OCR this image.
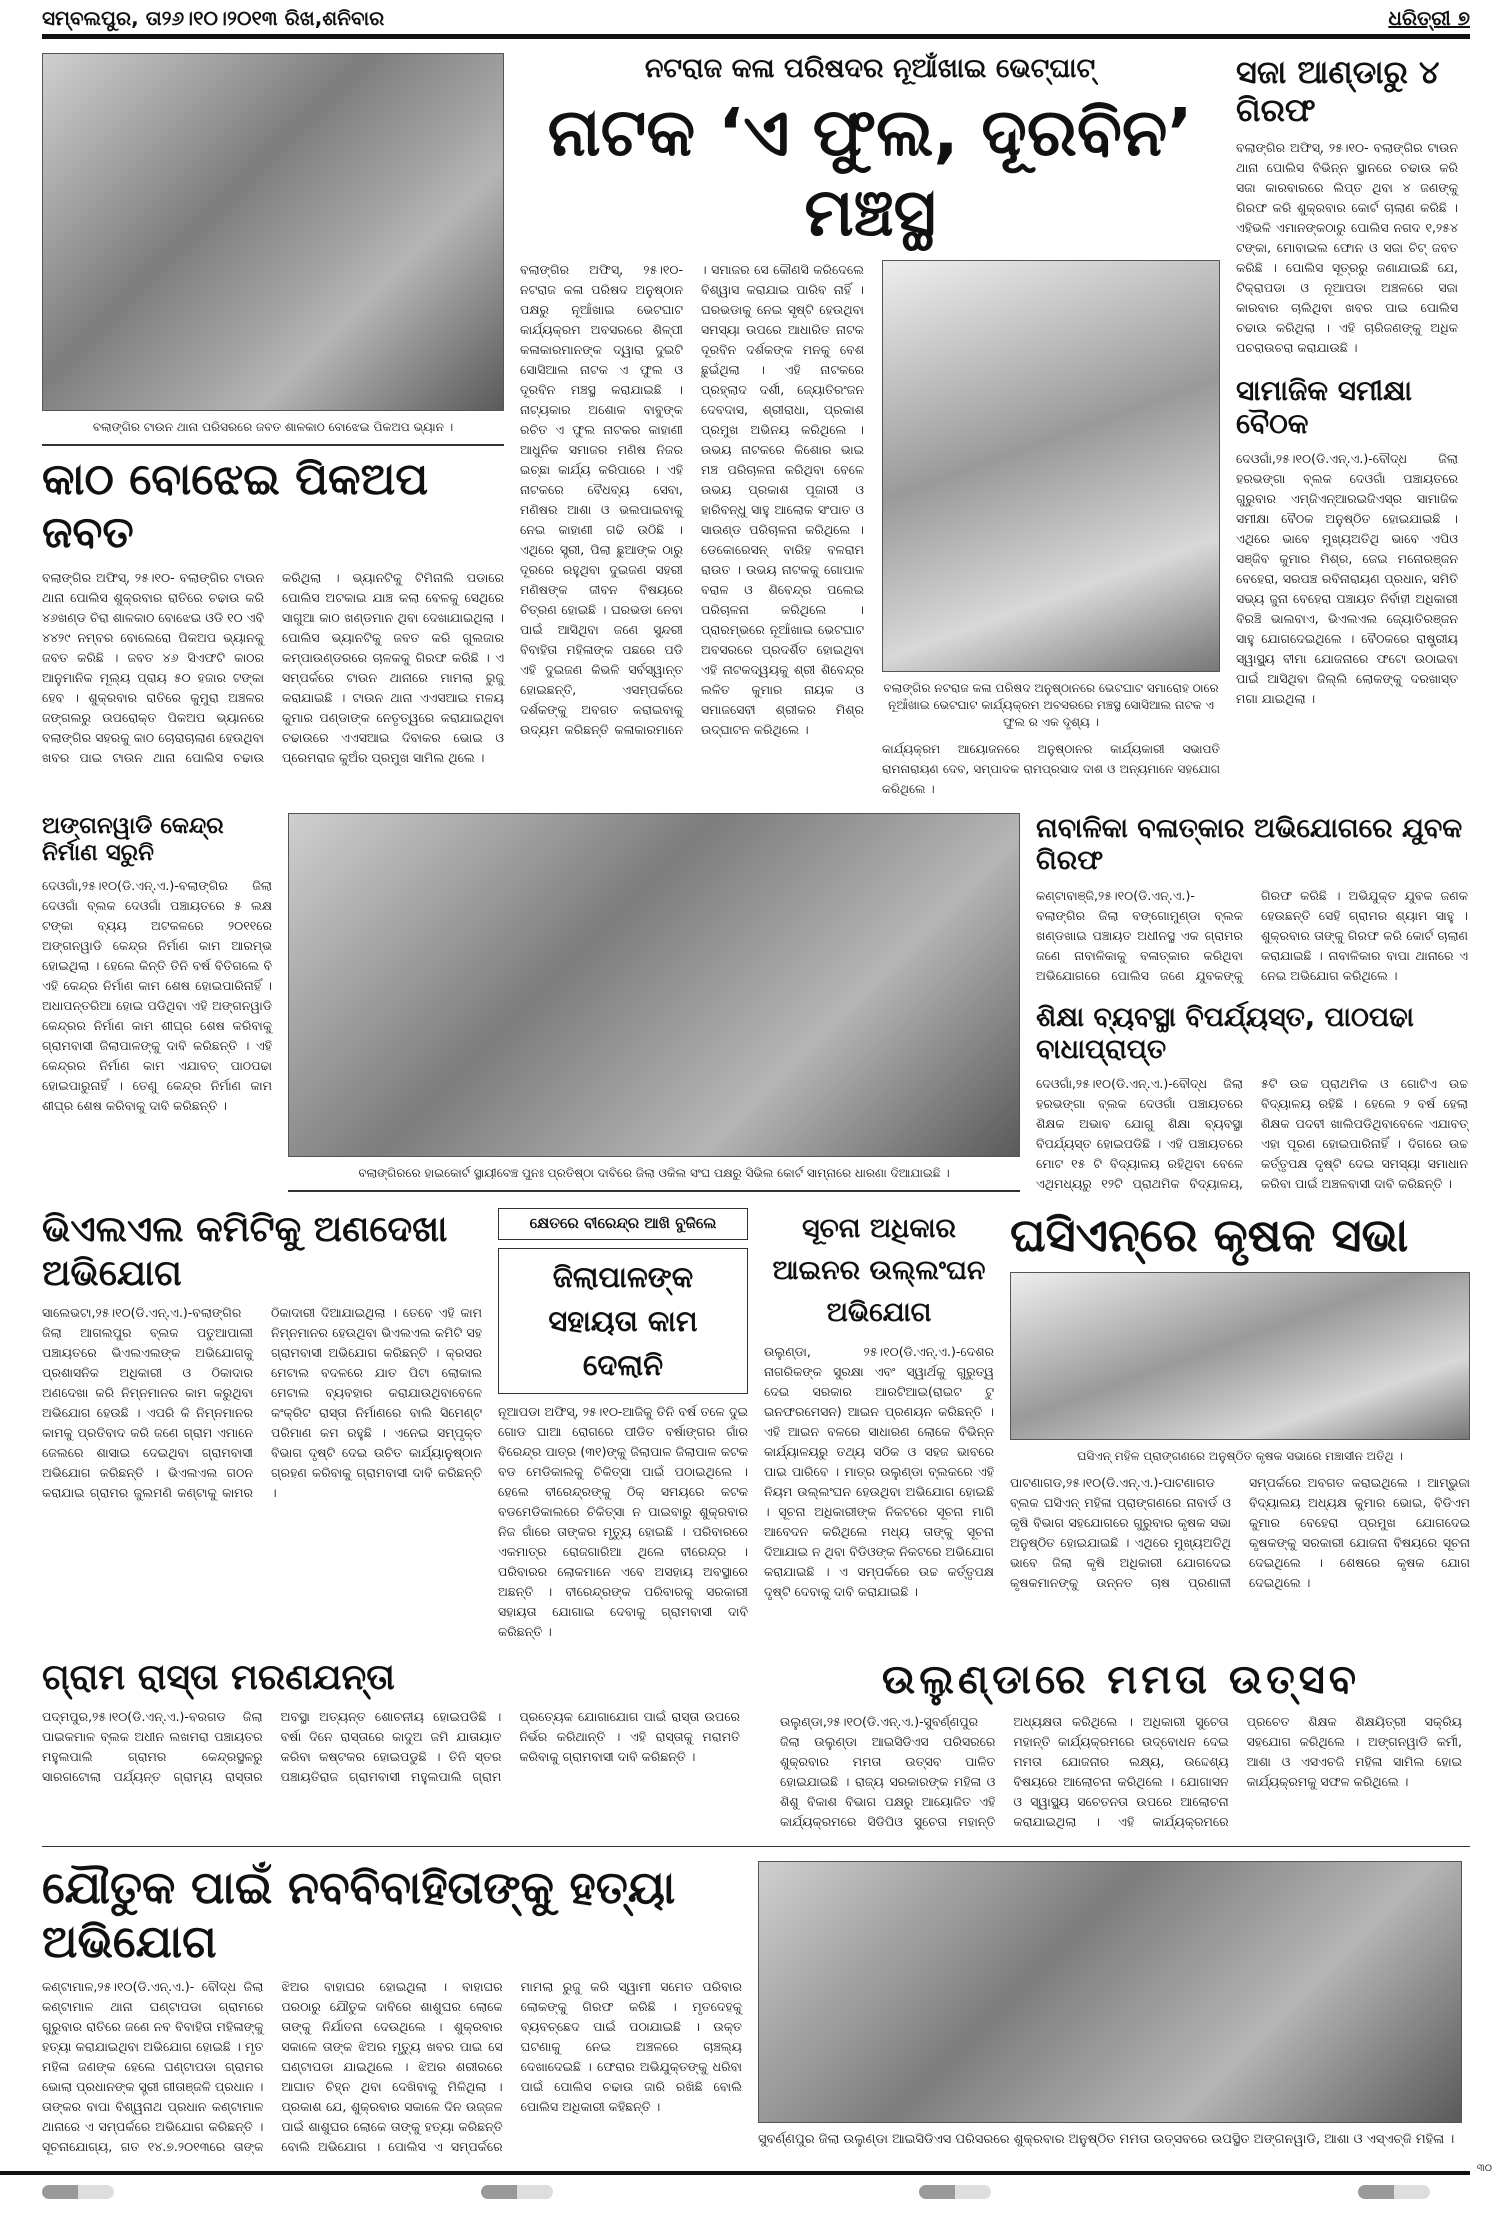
ସମ୍ବଲପୁର, ତା୨୬।୧୦।୨୦୧୩ ରିଖ,ଶନିବାର	ଧରିତ୍ରୀ ୭
ବଲାଙ୍ଗିର ଟାଉନ ଥାନା ପରିସରରେ ଜବତ ଶାଳକାଠ ବୋଝେଇ ପିକଅପ ଭ୍ୟାନ ।
କାଠ ବୋଝେଇ ପିକଅପ ଜବତ
ବଲାଙ୍ଗିର ଅଫିସ୍, ୨୫।୧୦- ବଲାଙ୍ଗିର ଟାଉନ ଥାନା ପୋଲିସ ଶୁକ୍ରବାର ରାତିରେ ଚଢାଉ କରି ୪୬ଖଣ୍ଡ ଚିରା ଶାଳକାଠ ବୋଝେଇ ଓଡି ୧୦ ଏବି ୪୪୨୯ ନମ୍ବର ବୋଲେରୋ ପିକଅପ ଭ୍ୟାନକୁ ଜବତ କରିଛି । ଜବତ ୪୬ ସିଏଫଟି କାଠର ଆନୁମାନିକ ମୂଲ୍ୟ ପ୍ରାୟ ୫୦ ହଜାର ଟଙ୍କା ହେବ । ଶୁକ୍ରବାର ରାତିରେ କୁମୁରା ଅଞ୍ଚଳର ଜଙ୍ଗଲରୁ ଉପରୋକ୍ତ ପିକଅପ ଭ୍ୟାନରେ ବଲାଙ୍ଗିର ସହରକୁ କାଠ ଚୋରାଚାଲାଣ ହେଉଥିବା ଖବର ପାଇ ଟାଉନ ଥାନା ପୋଲିସ ଚଢାଉ କରିଥିଲା । ଭ୍ୟାନଟିକୁ ଟିମିନାଲି ପଡାରେ ପୋଲିସ ଅଟକାଇ ଯାଞ୍ଚ କଲା ବେଳକୁ ସେଥିରେ ସାଗୁଆ କାଠ ଖଣ୍ଡମାନ ଥିବା ଦେଖାଯାଇଥିଲା । ପୋଲିସ ଭ୍ୟାନଟିକୁ ଜବତ କରି ଗୁଲଜାର କମ୍ପାଉଣ୍ଡରରେ ଚାଳକକୁ ଗିରଫ କରିଛି । ଏ ସମ୍ପର୍କରେ ଟାଉନ ଥାନାରେ ମାମଲା ରୁଜୁ କରାଯାଇଛି । ଟାଉନ ଥାନା ଏଏସଆଇ ମଳୟ କୁମାର ପଣ୍ଡାଙ୍କ ନେତୃତ୍ୱରେ କରାଯାଇଥିବା ଚଢାଉରେ ଏଏସଆଇ ଦିବାକର ଭୋଇ ଓ ପ୍ରେମରାଜ କୁଅଁର ପ୍ରମୁଖ ସାମିଲ ଥିଲେ ।
ନଟରାଜ କଳା ପରିଷଦର ନୂଆଁଖାଇ ଭେଟ୍‌ଘାଟ୍
ନାଟକ ‘ଏ ଫୁଲ, ଦୂରବିନ’ ମଞ୍ଚସ୍ଥ
ବଲାଙ୍ଗିର ଅଫିସ୍, ୨୫।୧୦- ନଟରାଜ କଳା ପରିଷଦ ଅନୁଷ୍ଠାନ ପକ୍ଷରୁ ନୂଆଁଖାଇ ଭେଟଘାଟ କାର୍ଯ୍ୟକ୍ରମ ଅବସରରେ ଶିଳ୍ପୀ କଳାକାରମାନଙ୍କ ଦ୍ୱାରା ଦୁଇଟି ସୋସିଆଲ ନାଟକ ଏ ଫୁଲ ଓ ଦୂରବିନ ମଞ୍ଚସ୍ଥ କରାଯାଇଛି । ନାଟ୍ୟକାର ଅଶୋକ ବାବୁଙ୍କ ରଚିତ ଏ ଫୁଲ ନାଟକର କାହାଣୀ ଆଧୁନିକ ସମାଜର ମଣିଷ ନିଜର ଇଚ୍ଛା କାର୍ଯ୍ୟ କରିପାରେ । ଏହି ନାଟକରେ ବୈଧବ୍ୟ ସେବା, ମଣିଷର ଆଶା ଓ ଭଲପାଇବାକୁ ନେଇ କାହାଣୀ ଗଢି ଉଠିଛି । ଏଥିରେ ସ୍ତ୍ରୀ, ପିଲା ଛୁଆଙ୍କ ଠାରୁ ଦୂରରେ ରହୁଥିବା ଦୁଇଜଣ ସହରୀ ମଣିଷଙ୍କ ଜୀବନ ବିଷୟରେ ଚିତ୍ରଣ ହୋଇଛି । ଘରଭଡା ନେବା ପାଇଁ ଆସିଥିବା ଜଣେ ସୁନ୍ଦରୀ ବିବାହିତା ମହିଳାଙ୍କ ପଛରେ ପଡି ଏହି ଦୁଇଜଣ କିଭଳି ସର୍ବସ୍ୱାନ୍ତ ହୋଇଛନ୍ତି, ଏସମ୍ପର୍କରେ ଦର୍ଶକଙ୍କୁ ଅବଗତ କରାଇବାକୁ ଉଦ୍ୟମ କରିଛନ୍ତି କଳାକାରମାନେ । ସମାଜର ସେ କୌଣସି କରିଦେଲେ ବିଶ୍ୱାସ କରାଯାଇ ପାରିବ ନାହିଁ । ଘରଭଡାକୁ ନେଇ ସୃଷ୍ଟି ହେଉଥିବା ସମସ୍ୟା ଉପରେ ଆଧାରିତ ନାଟକ ଦୂରବିନ ଦର୍ଶକଙ୍କ ମନକୁ ବେଶ ଛୁଇଁଥିଲା । ଏହି ନାଟକରେ ପ୍ରହ୍ଲାଦ ଦର୍ଶୀ, ଜ୍ୟୋତିରଂଜନ ଦେବଦାସ, ଶ୍ରୀରାଧା, ପ୍ରକାଶ ପ୍ରମୁଖ ଅଭିନୟ କରିଥିଲେ । ଉଭୟ ନାଟକରେ କିଶୋର ଭାଇ ମଞ୍ଚ ପରିଚାଳନା କରିଥିବା ବେଳେ ଉଭୟ ପ୍ରକାଶ ପୂଜାରୀ ଓ ହାରିବନ୍ଧୁ ସାହୁ ଆଲୋକ ସଂପାତ ଓ ସାଉଣ୍ଡ ପରିଚାଳନା କରିଥିଲେ । ଡେକୋରେସନ୍ ବାରିହ ବଳରାମ ରାଉତ । ଉଭୟ ନାଟକକୁ ଗୋପାଳ ବରାଳ ଓ ଶିବେନ୍ଦ୍ର ପଲେଇ ପରିଚାଳନା କରିଥିଲେ । ପ୍ରାରମ୍ଭରେ ନୂଆଁଖାଇ ଭେଟଘାଟ ଅବସରରେ ପ୍ରଦର୍ଶିତ ହୋଇଥିବା ଏହି ନାଟକଦ୍ୱୟକୁ ଶ୍ରୀ ଶିବେନ୍ଦ୍ର ଲଳିତ କୁମାର ନାୟକ ଓ ସମାଜସେବୀ ଶ୍ରୀକର ମିଶ୍ର ଉଦ୍‌ଘାଟନ କରିଥିଲେ ।
ବଲାଙ୍ଗିର ନଟରାଜ କଳା ପରିଷଦ ଅନୁଷ୍ଠାନରେ ଭେଟଘାଟ ସମାରୋହ ଠାରେ ନୂଆଁଖାଇ ଭେଟଘାଟ କାର୍ଯ୍ୟକ୍ରମ ଅବସରରେ ମଞ୍ଚସ୍ଥ ସୋସିଆଲ ନାଟକ ଏ ଫୁଲ ର ଏକ ଦୃଶ୍ୟ ।
କାର୍ଯ୍ୟକ୍ରମ ଆୟୋଜନରେ ଅନୁଷ୍ଠାନର କାର୍ଯ୍ୟକାରୀ ସଭାପତି ରାମନାରାୟଣ ଦେବ, ସମ୍ପାଦକ ରାମପ୍ରସାଦ ଦାଶ ଓ ଅନ୍ୟମାନେ ସହଯୋଗ କରିଥିଲେ ।
ସଜା ଆଣ୍ଡାରୁ ୪ ଗିରଫ
ବଲାଙ୍ଗିର ଅଫିସ୍, ୨୫।୧୦- ବଲାଙ୍ଗିର ଟାଉନ ଥାନା ପୋଲିସ ବିଭିନ୍ନ ସ୍ଥାନରେ ଚଢାଉ କରି ସଜା କାରବାରରେ ଲିପ୍ତ ଥିବା ୪ ଜଣଙ୍କୁ ଗିରଫ କରି ଶୁକ୍ରବାର କୋର୍ଟ ଚାଲାଣ କରିଛି । ଏହିଭଳି ଏମାନଙ୍କଠାରୁ ପୋଲିସ ନଗଦ ୧,୨୫୪ ଟଙ୍କା, ମୋବାଇଲ ଫୋନ ଓ ସଜା ଚିଟ୍ ଜବତ କରିଛି । ପୋଲିସ ସୂତ୍ରରୁ ଜଣାଯାଇଛି ଯେ, ଟିକ୍ରାପଡା ଓ ନୂଆପଡା ଅଞ୍ଚଳରେ ସଜା କାରବାର ଚାଲିଥିବା ଖବର ପାଇ ପୋଲିସ ଚଢାଉ କରିଥିଲା । ଏହି ଚାରିଜଣଙ୍କୁ ଅଧିକ ପଚରାଉଚରା କରାଯାଉଛି ।
ସାମାଜିକ ସମୀକ୍ଷା ବୈଠକ
ଦେଓଗାଁ,୨୫।୧୦(ଡି.ଏନ୍.ଏ.)-ବୌଦ୍ଧ ଜିଲା ହରଭଙ୍ଗା ବ୍ଲକ ଦେଓଗାଁ ପଞ୍ଚାୟତରେ ଗୁରୁବାର ଏମ୍‌ଜିଏନ୍‌ଆରଇଜିଏସ୍‌ର ସାମାଜିକ ସମୀକ୍ଷା ବୈଠକ ଅନୁଷ୍ଠିତ ହୋଇଯାଇଛି । ଏଥିରେ ଭାବେ ମୁଖ୍ୟଅତିଥି ଭାବେ ଏପିଓ ସଞ୍ଜିବ କୁମାର ମିଶ୍ର, ଜେଇ ମନୋରଞ୍ଜନ ବେହେରା, ସରପଞ୍ଚ ରବିନାରାୟଣ ପ୍ରଧାନ, ସମିତି ସଭ୍ୟ ଜୁନା ବେହେରା ପଞ୍ଚାୟତ ନିର୍ବାହୀ ଅଧିକାରୀ ବିରଞ୍ଚି ଭାଲବାଏ, ଭିଏଲଏଲ ଜ୍ୟୋତିରଞ୍ଜନ ସାହୁ ଯୋଗଦେଇଥିଲେ । ବୈଠକରେ ରାଷ୍ଟ୍ରୀୟ ସ୍ୱାସ୍ଥ୍ୟ ବୀମା ଯୋଜନାରେ ଫଟୋ ଉଠାଇବା ପାଇଁ ଆସିଥିବା ଜିଲ୍ଲି ଲୋକଙ୍କୁ ଦରଖାସ୍ତ ମଗା ଯାଇଥିଲା ।
ଅଙ୍ଗନୱାଡି କେନ୍ଦ୍ର ନିର୍ମାଣ ସରୁନି
ଦେଓଗାଁ,୨୫।୧୦(ଡି.ଏନ୍.ଏ.)-ବଲାଙ୍ଗିର ଜିଲା ଦେଓଗାଁ ବ୍ଲକ ଦେଓଗାଁ ପଞ୍ଚାୟତରେ ୫ ଲକ୍ଷ ଟଙ୍କା ବ୍ୟୟ ଅଟକଳରେ ୨୦୧୧ରେ ଅଙ୍ଗନୱାଡି କେନ୍ଦ୍ର ନିର୍ମାଣ କାମ ଆରମ୍ଭ ହୋଇଥିଲା । ହେଲେ କିନ୍ତି ତିନି ବର୍ଷ ବିତିଗଲେ ବି ଏହି କେନ୍ଦ୍ର ନିର୍ମାଣ କାମ ଶେଷ ହୋଇପାରିନାହିଁ । ଅଧାପନ୍ତରିଆ ହୋଇ ପଡିଥିବା ଏହି ଅଙ୍ଗନୱାଡି କେନ୍ଦ୍ରର ନିର୍ମାଣ କାମ ଶୀଘ୍ର ଶେଷ କରିବାକୁ ଗ୍ରାମବାସୀ ଜିଲାପାଳଙ୍କୁ ଦାବି କରିଛନ୍ତି । ଏହି କେନ୍ଦ୍ରର ନିର୍ମାଣ କାମ ଏଯାବତ୍ ପାଠପଢା ହୋଇପାରୁନାହିଁ । ତେଣୁ କେନ୍ଦ୍ର ନିର୍ମାଣ କାମ ଶୀଘ୍ର ଶେଷ କରିବାକୁ ଦାବି କରିଛନ୍ତି ।
ବଲାଙ୍ଗିରରେ ହାଇକୋର୍ଟ ସ୍ଥାୟୀବେଞ୍ଚ ପୁନଃ ପ୍ରତିଷ୍ଠା ଦାବିରେ ଜିଲା ଓକିଲ ସଂଘ ପକ୍ଷରୁ ସିଭିଲ କୋର୍ଟ ସାମ୍ନାରେ ଧାରଣା ଦିଆଯାଇଛି ।
ନାବାଳିକା ବଳାତ୍କାର ଅଭିଯୋଗରେ ଯୁବକ ଗିରଫ
କଣ୍ଟାବାଞ୍ଜି,୨୫।୧୦(ଡି.ଏନ୍.ଏ.)-ବଲାଙ୍ଗିର ଜିଲା ବଙ୍ଗୋମୁଣ୍ଡା ବ୍ଲକ ଖଣ୍ଡଖାଇ ପଞ୍ଚାୟତ ଅଧୀନସ୍ଥ ଏକ ଗ୍ରାମର ଜଣେ ନାବାଳିକାକୁ ବଳାତ୍କାର କରିଥିବା ଅଭିଯୋଗରେ ପୋଲିସ ଜଣେ ଯୁବକଙ୍କୁ ଗିରଫ କରିଛି । ଅଭିଯୁକ୍ତ ଯୁବକ ଜଣକ ହେଉଛନ୍ତି ସେହି ଗ୍ରାମର ଶ୍ୟାମ ସାହୁ । ଶୁକ୍ରବାର ତାଙ୍କୁ ଗିରଫ କରି କୋର୍ଟ ଚାଲାଣ କରାଯାଇଛି । ନାବାଳିକାର ବାପା ଥାନାରେ ଏ ନେଇ ଅଭିଯୋଗ କରିଥିଲେ ।
ଶିକ୍ଷା ବ୍ୟବସ୍ଥା ବିପର୍ଯ୍ୟସ୍ତ, ପାଠପଢା ବାଧାପ୍ରାପ୍ତ
ଦେଓଗାଁ,୨୫।୧୦(ଡି.ଏନ୍.ଏ.)-ବୌଦ୍ଧ ଜିଲା ହରଭଙ୍ଗା ବ୍ଲକ ଦେଓଗାଁ ପଞ୍ଚାୟତରେ ଶିକ୍ଷକ ଅଭାବ ଯୋଗୁ ଶିକ୍ଷା ବ୍ୟବସ୍ଥା ବିପର୍ଯ୍ୟସ୍ତ ହୋଇପଡିଛି । ଏହି ପଞ୍ଚାୟତରେ ମୋଟ ୧୫ ଟି ବିଦ୍ୟାଳୟ ରହିଥିବା ବେଳେ ଏଥିମଧ୍ୟରୁ ୧୨ଟି ପ୍ରାଥମିକ ବିଦ୍ୟାଳୟ, ୫ଟି ଉଚ୍ଚ ପ୍ରାଥମିକ ଓ ଗୋଟିଏ ଉଚ୍ଚ ବିଦ୍ୟାଳୟ ରହିଛି । ହେଲେ ୨ ବର୍ଷ ହେଲା ଶିକ୍ଷକ ପଦବୀ ଖାଲିପଡିଥିବାବେଳେ ଏଯାବତ୍ ଏହା ପୂରଣ ହୋଇପାରିନାହିଁ । ଦିଗରେ ଉଚ୍ଚ କର୍ତ୍ତୃପକ୍ଷ ଦୃଷ୍ଟି ଦେଇ ସମସ୍ୟା ସମାଧାନ କରିବା ପାଇଁ ଅଞ୍ଚଳବାସୀ ଦାବି କରିଛନ୍ତି ।
ଭିଏଲଏଲ କମିଟିକୁ ଅଣଦେଖା ଅଭିଯୋଗ
ସାଲେଭଟା,୨୫।୧୦(ଡି.ଏନ୍.ଏ.)-ବଲାଙ୍ଗିର ଜିଲା ଆଗଲପୁର ବ୍ଲକ ପତୁଆପାଲୀ ପଞ୍ଚାୟତରେ ଭିଏଲଏଲଙ୍କ ଅଭିଯୋଗକୁ ପ୍ରଶାସନିକ ଅଧିକାରୀ ଓ ଠିକାଦାର ଅଣଦେଖା କରି ନିମ୍ନମାନର କାମ କରୁଥିବା ଅଭିଯୋଗ ହେଉଛି । ଏପରି କି ନିମ୍ନମାନର କାମକୁ ପ୍ରତିବାଦ କରି ଜଣେ ଗ୍ରାମ ଏମାନେ ଜେଲରେ ଶାସାଇ ଦେଇଥିବା ଗ୍ରାମବାସୀ ଅଭିଯୋଗ କରିଛନ୍ତି । ଭିଏଲଏଲ ଗଠନ କରାଯାଇ ଗ୍ରାମର ଜୁଲମଣି କଣ୍ଟାକୁ କାମର ଠିକାଦାରୀ ଦିଆଯାଇଥିଲା । ତେବେ ଏହି କାମ ନିମ୍ନମାନର ହେଉଥିବା ଭିଏଲଏଲ କମିଟି ସହ ଗ୍ରାମବାସୀ ଅଭିଯୋଗ କରିଛନ୍ତି । କ୍ରସର ମେଟାଲ ବଦଳରେ ଯାତ ପିଟା ଲୋକାଲ ମେଟାଲ ବ୍ୟବହାର କରାଯାଉଥିବାବେଳେ କଂକ୍ରିଟ ରାସ୍ତା ନିର୍ମାଣରେ ବାଲି ସିମେଣ୍ଟ ପରିମାଣ କମ ରହୁଛି । ଏନେଇ ସମ୍ପୃକ୍ତ ବିଭାଗ ଦୃଷ୍ଟି ଦେଇ ଉଚିତ କାର୍ଯ୍ୟାନୁଷ୍ଠାନ ଗ୍ରହଣ କରିବାକୁ ଗ୍ରାମବାସୀ ଦାବି କରିଛନ୍ତି ।
କ୍ଷେତରେ ବୀରେନ୍ଦ୍ର ଆଖି ବୁଜିଲେ
ଜିଲାପାଳଙ୍କ ସହାୟତା କାମ ଦେଲାନି
ନୂଆପଡା ଅଫିସ୍, ୨୫।୧୦-ଆଜିକୁ ତିନି ବର୍ଷ ତଳେ ଦୁଇ ଗୋଡ ଘାଆ ରୋଗରେ ପୀଡିତ ବର୍ଷାଙ୍ଗର ଗାଁର ବିରେନ୍ଦ୍ର ପାତ୍ର (୩୧)ଙ୍କୁ ଜିଲାପାଳ ଜିଲାପାଳ କଟକ ବଡ ମେଡିକାଲକୁ ଚିକିତ୍ସା ପାଇଁ ପଠାଇଥିଲେ । ହେଲେ ବୀରେନ୍ଦ୍ରଙ୍କୁ ଠିକ୍ ସମୟରେ କଟକ ବଡମେଡିକାଲରେ ଚିକିତ୍ସା ନ ପାଇବାରୁ ଶୁକ୍ରବାର ନିଜ ଗାଁରେ ତାଙ୍କର ମୃତ୍ୟୁ ହୋଇଛି । ପରିବାରରେ ଏକମାତ୍ର ରୋଜଗାରିଆ ଥିଲେ ବୀରେନ୍ଦ୍ର । ପରିବାରର ଲୋକମାନେ ଏବେ ଅସହାୟ ଅବସ୍ଥାରେ ଅଛନ୍ତି । ବୀରେନ୍ଦ୍ରଙ୍କ ପରିବାରକୁ ସରକାରୀ ସହାୟତା ଯୋଗାଇ ଦେବାକୁ ଗ୍ରାମବାସୀ ଦାବି କରିଛନ୍ତି ।
ସୂଚନା ଅଧିକାର ଆଇନର ଉଲ୍ଲଂଘନ ଅଭିଯୋଗ
ଉଲୁଣ୍ଡା, ୨୫।୧୦(ଡି.ଏନ୍.ଏ.)-ଦେଶର ନାଗରିକଙ୍କ ସୁରକ୍ଷା ଏବଂ ସ୍ୱାର୍ଥକୁ ଗୁରୁତ୍ୱ ଦେଇ ସରକାର ଆରଟିଆଇ(ରାଇଟ ଟୁ ଇନଫରମେସନ) ଆଇନ ପ୍ରଣୟନ କରିଛନ୍ତି । ଏହି ଆଇନ ବଳରେ ସାଧାରଣ ଲୋକେ ବିଭିନ୍ନ କାର୍ଯ୍ୟାଳୟରୁ ତଥ୍ୟ ସଠିକ ଓ ସହଜ ଭାବରେ ପାଇ ପାରିବେ । ମାତ୍ର ଉଲୁଣ୍ଡା ବ୍ଲକରେ ଏହି ନିୟମ ଉଲ୍ଲଂଘନ ହେଉଥିବା ଅଭିଯୋଗ ହୋଇଛି । ସୂଚନା ଅଧିକାରୀଙ୍କ ନିକଟରେ ସୂଚନା ମାଗି ଆବେଦନ କରିଥିଲେ ମଧ୍ୟ ତାଙ୍କୁ ସୂଚନା ଦିଆଯାଇ ନ ଥିବା ବିଡିଓଙ୍କ ନିକଟରେ ଅଭିଯୋଗ କରାଯାଇଛି । ଏ ସମ୍ପର୍କରେ ଉଚ୍ଚ କର୍ତ୍ତୃପକ୍ଷ ଦୃଷ୍ଟି ଦେବାକୁ ଦାବି କରାଯାଇଛି ।
ଘସିଏନ୍‌ରେ କୃଷକ ସଭା
ଘସିଏନ୍ ମହିଳ ପ୍ରାଙ୍ଗଣରେ ଅନୁଷ୍ଠିତ କୃଷକ ସଭାରେ ମଞ୍ଚାସୀନ ଅତିଥି ।
ପାଟଣାଗଡ,୨୫।୧୦(ଡି.ଏନ୍.ଏ.)-ପାଟଣାଗଡ ବ୍ଲକ ଘସିଏନ୍ ମହିଳା ପ୍ରାଙ୍ଗଣରେ ନାବାର୍ଡ ଓ କୃଷି ବିଭାଗ ସହଯୋଗରେ ଗୁରୁବାର କୃଷକ ସଭା ଅନୁଷ୍ଠିତ ହୋଇଯାଇଛି । ଏଥିରେ ମୁଖ୍ୟଅତିଥି ଭାବେ ଜିଲା କୃଷି ଅଧିକାରୀ ଯୋଗଦେଇ କୃଷକମାନଙ୍କୁ ଉନ୍ନତ ଚାଷ ପ୍ରଣାଳୀ ସମ୍ପର୍କରେ ଅବଗତ କରାଇଥିଲେ । ଆମ୍ଭୁଜା ବିଦ୍ୟାଲୟ ଅଧ୍ୟକ୍ଷ କୁମାର ଭୋଇ, ବିଡିଏମ କୁମାର ବେହେରା ପ୍ରମୁଖ ଯୋଗଦେଇ କୃଷକଙ୍କୁ ସରକାରୀ ଯୋଜନା ବିଷୟରେ ସୂଚନା ଦେଇଥିଲେ । ଶେଷରେ କୃଷକ ଯୋଗ ଦେଇଥିଲେ ।
ଗ୍ରାମ ରାସ୍ତା ମରଣଯନ୍ତା
ପଦ୍ମପୁର,୨୫।୧୦(ଡି.ଏନ୍.ଏ.)-ବରଗଡ ଜିଲା ପାଇକମାଳ ବ୍ଲକ ଅଧୀନ ଲଖମରା ପଞ୍ଚାୟତର ମହୁଲପାଲି ଗ୍ରାମର କେନ୍ଦ୍ରସ୍ଥଳରୁ ସାରଗଟୋଲା ପର୍ଯ୍ୟନ୍ତ ଗ୍ରାମ୍ୟ ରାସ୍ତାର ଅବସ୍ଥା ଅତ୍ୟନ୍ତ ଶୋଚନୀୟ ହୋଇପଡିଛି । ବର୍ଷା ଦିନେ ରାସ୍ତାରେ କାଦୁଅ ଜମି ଯାତାୟାତ କରିବା କଷ୍ଟକର ହୋଇପଡୁଛି । ତିନି ସ୍ତର ପଞ୍ଚାୟତିରାଜ ଗ୍ରାମବାସୀ ମହୁଲପାଲି ଗ୍ରାମ ପ୍ରତ୍ୟେକ ଯୋଗାଯୋଗ ପାଇଁ ରାସ୍ତା ଉପରେ ନିର୍ଭର କରିଥାନ୍ତି । ଏହି ରାସ୍ତାକୁ ମରାମତି କରିବାକୁ ଗ୍ରାମବାସୀ ଦାବି କରିଛନ୍ତି ।
ଉଲୁଣ୍ଡାରେ ମମତା ଉତ୍ସବ
ଉଲୁଣ୍ଡା,୨୫।୧୦(ଡି.ଏନ୍.ଏ.)-ସୁବର୍ଣ୍ଣପୁର ଜିଲା ଉଲୁଣ୍ଡା ଆଇସିଡିଏସ ପରିସରରେ ଶୁକ୍ରବାର ମମତା ଉତ୍ସବ ପାଳିତ ହୋଇଯାଇଛି । ରାଜ୍ୟ ସରକାରଙ୍କ ମହିଳା ଓ ଶିଶୁ ବିକାଶ ବିଭାଗ ପକ୍ଷରୁ ଆୟୋଜିତ ଏହି କାର୍ଯ୍ୟକ୍ରମରେ ସିଡିପିଓ ସୁଚେତା ମହାନ୍ତି ଅଧ୍ୟକ୍ଷତା କରିଥିଲେ । ଅଧିକାରୀ ସୁଚେତା ମହାନ୍ତି କାର୍ଯ୍ୟକ୍ରମରେ ଉଦ୍‌ବୋଧନ ଦେଇ ମମତା ଯୋଜନାର ଲକ୍ଷ୍ୟ, ଉଦ୍ଦେଶ୍ୟ ବିଷୟରେ ଆଲୋଚନା କରିଥିଲେ । ଯୋଗାସନ ଓ ସ୍ୱାସ୍ଥ୍ୟ ସଚେତନତା ଉପରେ ଆଲୋଚନା କରାଯାଇଥିଲା । ଏହି କାର୍ଯ୍ୟକ୍ରମରେ ପ୍ରଚେତ ଶିକ୍ଷକ ଶିକ୍ଷୟିତ୍ରୀ ସକ୍ରିୟ ସହଯୋଗ କରିଥିଲେ । ଅଙ୍ଗନୱାଡି କର୍ମୀ, ଆଶା ଓ ଏସଏଚଜି ମହିଳା ସାମିଲ ହୋଇ କାର୍ଯ୍ୟକ୍ରମକୁ ସଫଳ କରିଥିଲେ ।
ଯୌତୁକ ପାଇଁ ନବବିବାହିତାଙ୍କୁ ହତ୍ୟା ଅଭିଯୋଗ
କଣ୍ଟାମାଳ,୨୫।୧୦(ଡି.ଏନ୍.ଏ.)- ବୌଦ୍ଧ ଜିଲା କଣ୍ଟାମାଳ ଥାନା ଘଣ୍ଟାପଡା ଗ୍ରାମରେ ଗୁରୁବାର ରାତିରେ ଜଣେ ନବ ବିବାହିତା ମହିଳାଙ୍କୁ ହତ୍ୟା କରାଯାଇଥିବା ଅଭିଯୋଗ ହୋଇଛି । ମୃତ ମହିଳା ଜଣଙ୍କ ହେଲେ ଘଣ୍ଟାପଡା ଗ୍ରାମର ଭୋଲା ପ୍ରଧାନଙ୍କ ସ୍ତ୍ରୀ ଗୀତାଞ୍ଜଳି ପ୍ରଧାନ । ତାଙ୍କର ବାପା ବିଶ୍ୱନାଥ ପ୍ରଧାନ କଣ୍ଟାମାଳ ଥାନାରେ ଏ ସମ୍ପର୍କରେ ଅଭିଯୋଗ କରିଛନ୍ତି । ସୂଚନାଯୋଗ୍ୟ, ଗତ ୧୪.୭.୨୦୧୩ରେ ତାଙ୍କ ଝିଅର ବାହାଘର ହୋଇଥିଲା । ବାହାଘର ପରଠାରୁ ଯୌତୁକ ଦାବିରେ ଶାଶୁଘର ଲୋକେ ତାଙ୍କୁ ନିର୍ଯାତନା ଦେଉଥିଲେ । ଶୁକ୍ରବାର ସକାଳେ ତାଙ୍କ ଝିଅର ମୃତ୍ୟୁ ଖବର ପାଇ ସେ ଘଣ୍ଟାପଡା ଯାଇଥିଲେ । ଝିଅର ଶରୀରରେ ଆଘାତ ଚିହ୍ନ ଥିବା ଦେଖିବାକୁ ମିଳିଥିଲା । ପ୍ରକାଶ ଯେ, ଶୁକ୍ରବାର ସକାଳେ ଦିନ ଉଜ୍ଜଳ ପାଇଁ ଶାଶୁଘର ଲୋକେ ତାଙ୍କୁ ହତ୍ୟା କରିଛନ୍ତି ବୋଲି ଅଭିଯୋଗ । ପୋଲିସ ଏ ସମ୍ପର୍କରେ ମାମଲା ରୁଜୁ କରି ସ୍ୱାମୀ ସମେତ ପରିବାର ଲୋକଙ୍କୁ ଗିରଫ କରିଛି । ମୃତଦେହକୁ ବ୍ୟବଚ୍ଛେଦ ପାଇଁ ପଠାଯାଇଛି । ଉକ୍ତ ଘଟଣାକୁ ନେଇ ଅଞ୍ଚଳରେ ଚାଞ୍ଚଲ୍ୟ ଦେଖାଦେଇଛି । ଫେରାର ଅଭିଯୁକ୍ତଙ୍କୁ ଧରିବା ପାଇଁ ପୋଲିସ ଚଢାଉ ଜାରି ରଖିଛି ବୋଲି ପୋଲିସ ଅଧିକାରୀ କହିଛନ୍ତି ।
ସୁବର୍ଣ୍ଣପୁର ଜିଲା ଉଲୁଣ୍ଡା ଆଇସିଡିଏସ ପରିସରରେ ଶୁକ୍ରବାର ଅନୁଷ୍ଠିତ ମମତା ଉତ୍ସବରେ ଉପସ୍ଥିତ ଅଙ୍ଗନୱାଡି, ଆଶା ଓ ଏସ୍‌ଏଚ୍‌ଜି ମହିଳା ।
୩୦
